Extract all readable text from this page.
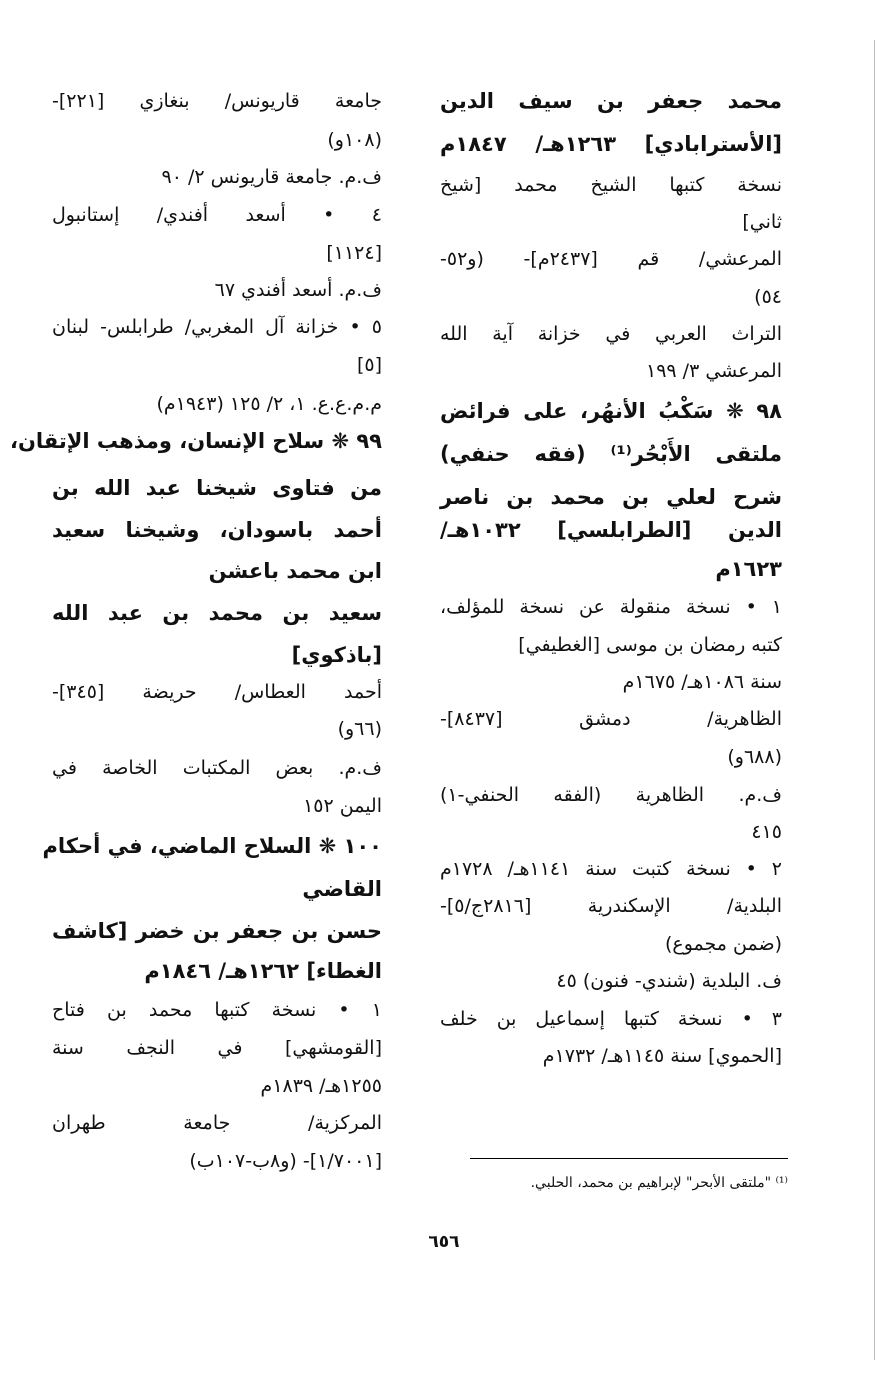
محمد جعفر بن سيف الدين
[الأسترابادي] ١٢٦٣هـ/ ١٨٤٧م
نسخة كتبها الشيخ محمد [شيخ
ثاني]
المرعشي/ قم [٢٤٣٧م]- (و٥٢-
٥٤)
التراث العربي في خزانة آية الله
المرعشي ٣/ ١٩٩
٩٨ ❋ سَكْبُ الأنهُر، على فرائض
ملتقى الأَبْحُر⁽¹⁾ (فقه حنفي)
شرح لعلي بن محمد بن ناصر
الدين [الطرابلسي] ١٠٣٢هـ/
١٦٢٣م
١ • نسخة منقولة عن نسخة للمؤلف،
كتبه رمضان بن موسى [الغطيفي]
سنة ١٠٨٦هـ/ ١٦٧٥م
الظاهرية/ دمشق [٨٤٣٧]-
(٦٨٨و)
ف.م. الظاهرية (الفقه الحنفي-١)
٤١٥
٢ • نسخة كتبت سنة ١١٤١هـ/ ١٧٢٨م
البلدية/ الإسكندرية [٢٨١٦ج/٥]-
(ضمن مجموع)
ف. البلدية (شندي- فنون) ٤٥
٣ • نسخة كتبها إسماعيل بن خلف
[الحموي] سنة ١١٤٥هـ/ ١٧٣٢م
جامعة قاريونس/ بنغازي [٢٢١]-
(١٠٨و)
ف.م. جامعة قاريونس ٢/ ٩٠
٤ • أسعد أفندي/ إستانبول
[١١٢٤]
ف.م. أسعد أفندي ٦٧
٥ • خزانة آل المغربي/ طرابلس- لبنان
[٥]
م.م.ع.ع. ١، ٢/ ١٢٥ (١٩٤٣م)
٩٩ ❋ سلاح الإنسان، ومذهب الإتقان،
من فتاوى شيخنا عبد الله بن
أحمد باسودان، وشيخنا سعيد
ابن محمد باعشن
سعيد بن محمد بن عبد الله
[باذكوي]
أحمد العطاس/ حريضة [٣٤٥]-
(٦٦و)
ف.م. بعض المكتبات الخاصة في
اليمن ١٥٢
١٠٠ ❋ السلاح الماضي، في أحكام
القاضي
حسن بن جعفر بن خضر [كاشف
الغطاء] ١٢٦٢هـ/ ١٨٤٦م
١ • نسخة كتبها محمد بن فتاح
[القومشهي] في النجف سنة
١٢٥٥هـ/ ١٨٣٩م
المركزية/ جامعة طهران
[١/٧٠٠١]- (و٨ب-١٠٧ب)
⁽¹⁾ "ملتقى الأبحر" لإبراهيم بن محمد، الحلبي.
٦٥٦
